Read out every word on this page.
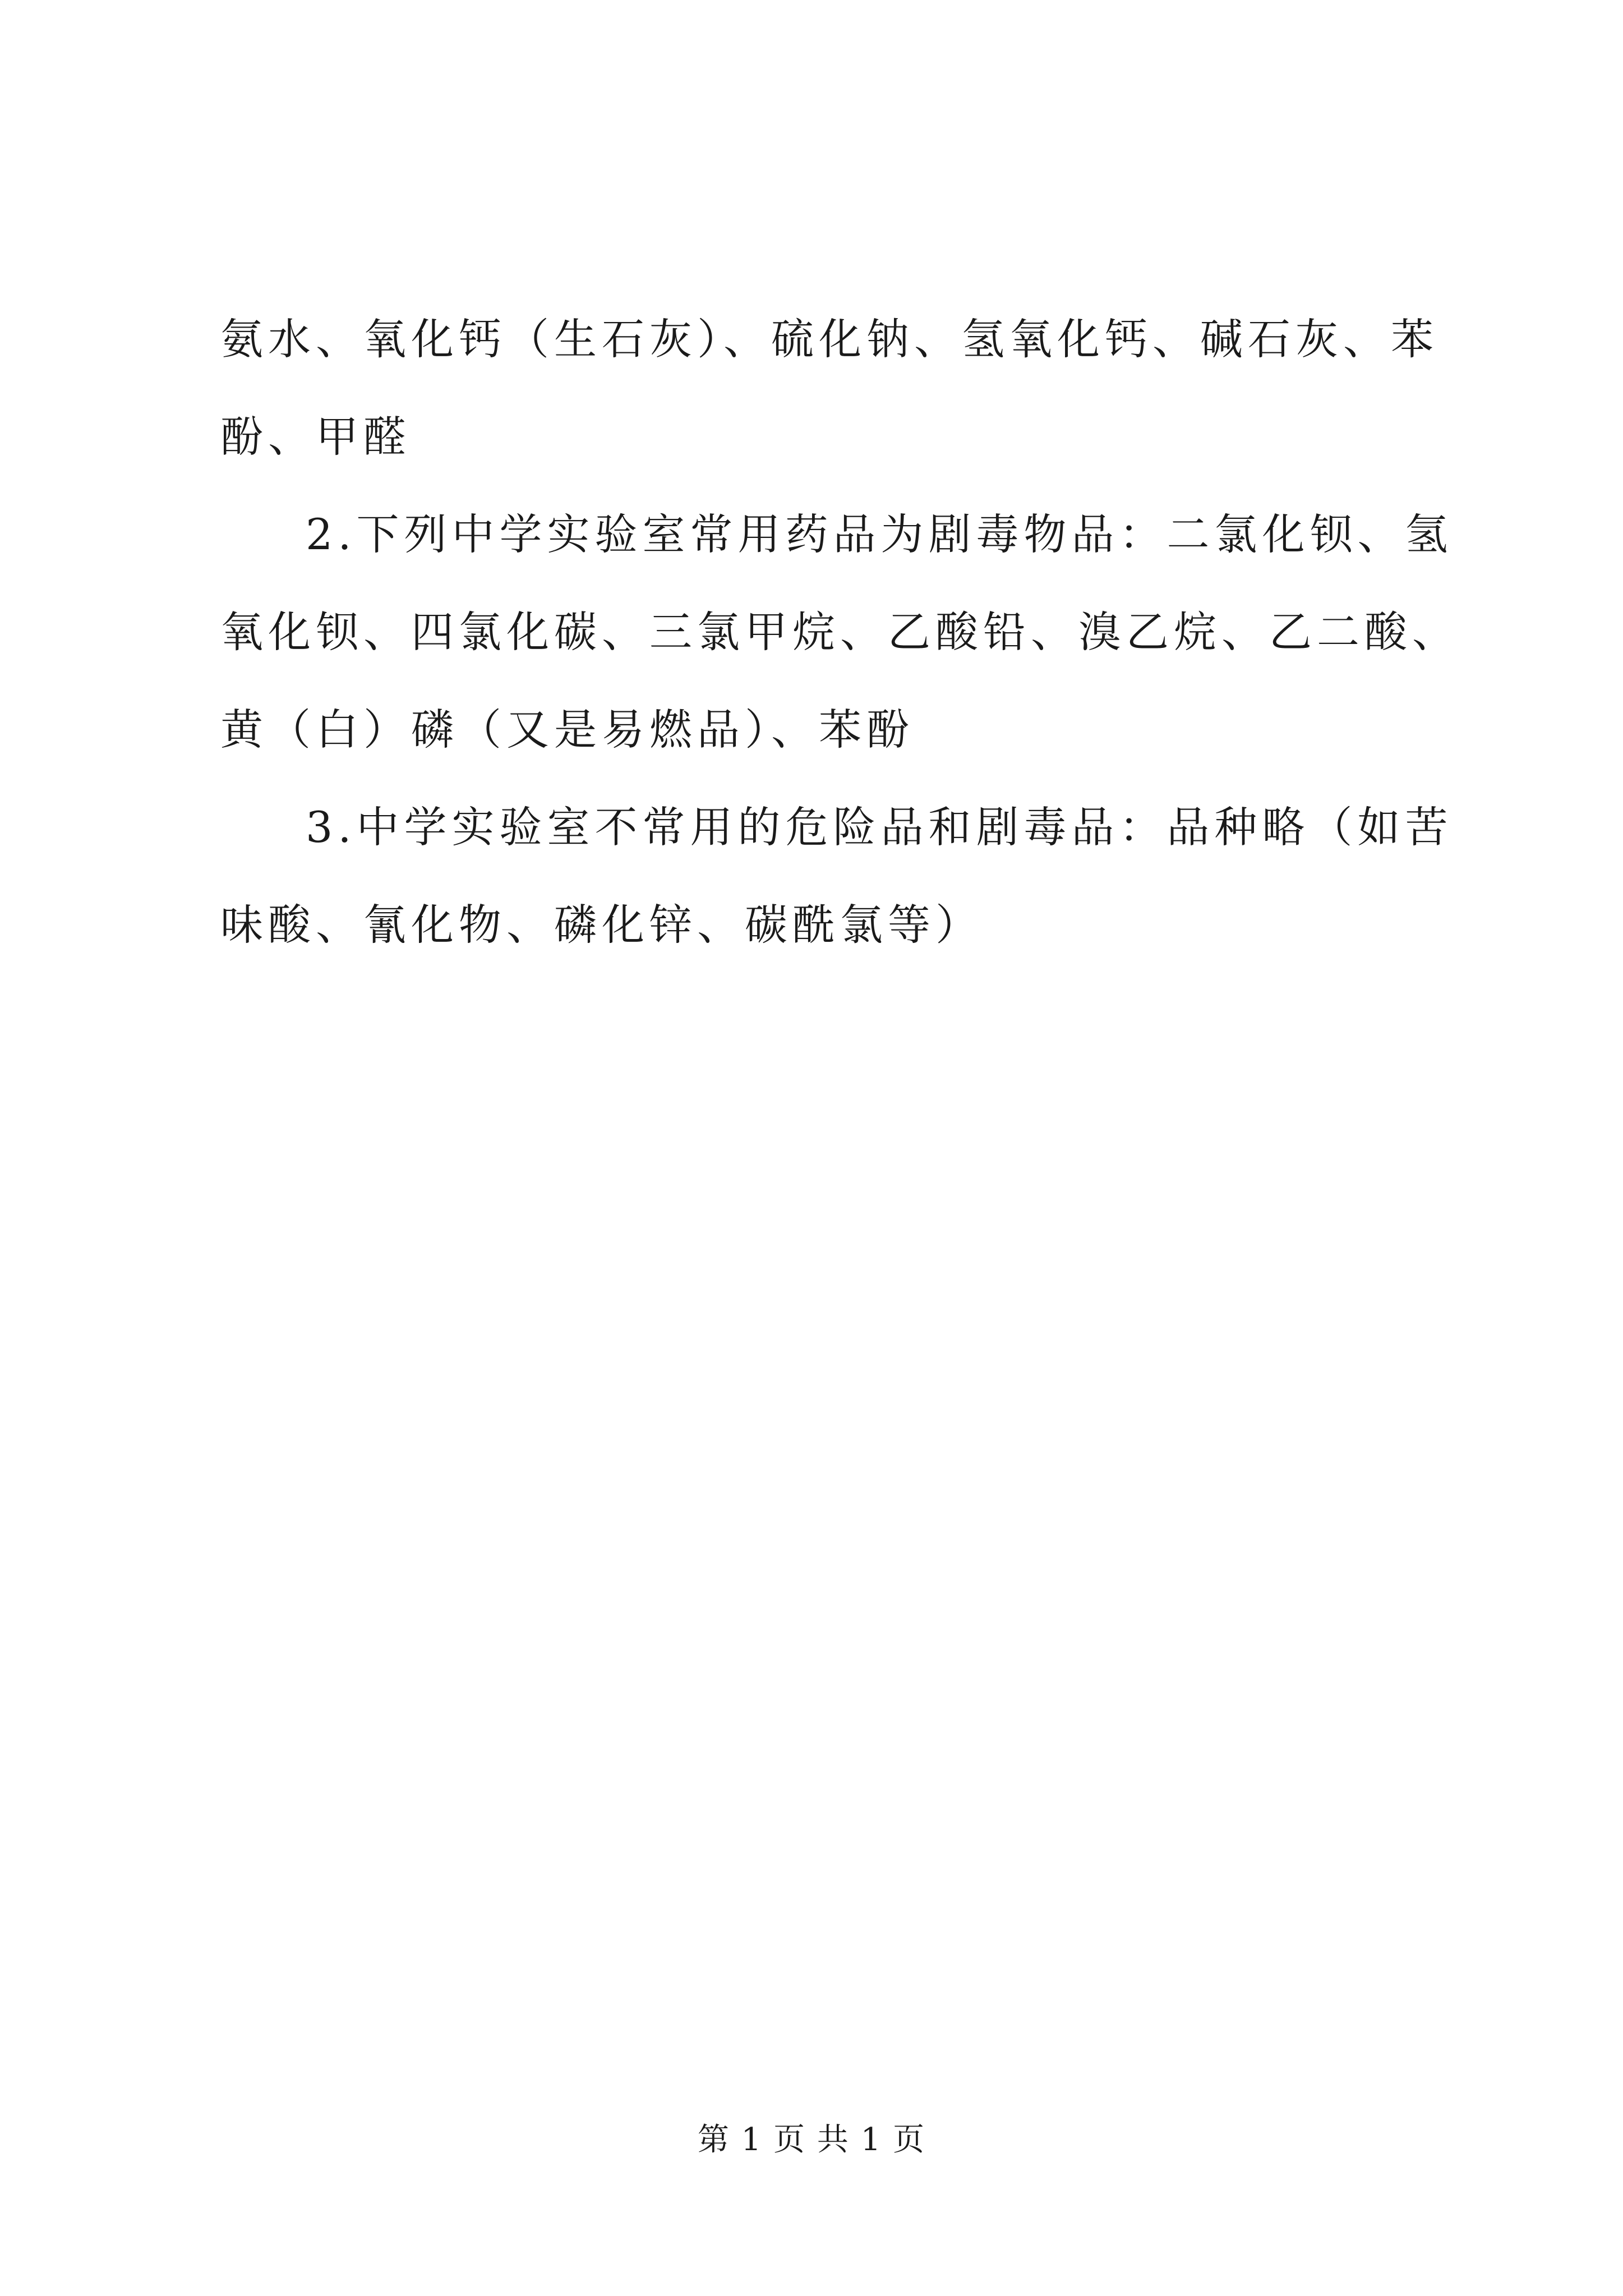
氨水、氧化钙（生石灰）、硫化钠、氢氧化钙、碱石灰、苯酚、甲醛

2.下列中学实验室常用药品为剧毒物品：二氯化钡、氢氧化钡、四氯化碳、三氯甲烷、乙酸铅、溴乙烷、乙二酸、黄（白）磷（又是易燃品）、苯酚

3.中学实验室不常用的危险品和剧毒品：品种略（如苦味酸、氰化物、磷化锌、碳酰氯等）

第 1 页 共 1 页
